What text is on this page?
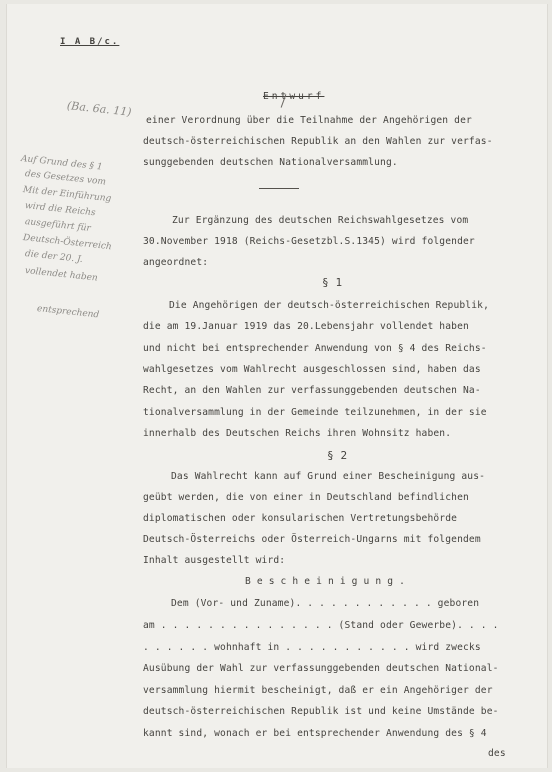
I A B/c.
Entwurf
(Ba. 6a. 11)
Auf Grund des § 1
des Gesetzes vom
Mit der Einführung
wird die Reichs
ausgeführt für
Deutsch-Österreich
die der 20. J.
vollendet haben
entsprechend
einer Verordnung über die Teilnahme der Angehörigen der
deutsch-österreichischen Republik an den Wahlen zur verfas-
sunggebenden deutschen Nationalversammlung.
Zur Ergänzung des deutschen Reichswahlgesetzes vom
30.November 1918 (Reichs-Gesetzbl.S.1345) wird folgender
angeordnet:
§ 1
Die Angehörigen der deutsch-österreichischen Republik,
die am 19.Januar 1919 das 20.Lebensjahr vollendet haben
und nicht bei entsprechender Anwendung von § 4 des Reichs-
wahlgesetzes vom Wahlrecht ausgeschlossen sind, haben das
Recht, an den Wahlen zur verfassunggebenden deutschen Na-
tionalversammlung in der Gemeinde teilzunehmen, in der sie
innerhalb des Deutschen Reichs ihren Wohnsitz haben.
§ 2
Das Wahlrecht kann auf Grund einer Bescheinigung aus-
geübt werden, die von einer in Deutschland befindlichen
diplomatischen oder konsularischen Vertretungsbehörde
Deutsch-Österreichs oder Österreich-Ungarns mit folgendem
Inhalt ausgestellt wird:
B e s c h e i n i g u n g .
Dem (Vor- und Zuname). . . . . . . . . . . . geboren
am . . . . . . . . . . . . . . . (Stand oder Gewerbe). . . .
. . . . . . wohnhaft in . . . . . . . . . . . wird zwecks
Ausübung der Wahl zur verfassunggebenden deutschen National-
versammlung hiermit bescheinigt, daß er ein Angehöriger der
deutsch-österreichischen Republik ist und keine Umstände be-
kannt sind, wonach er bei entsprechender Anwendung des § 4
des
